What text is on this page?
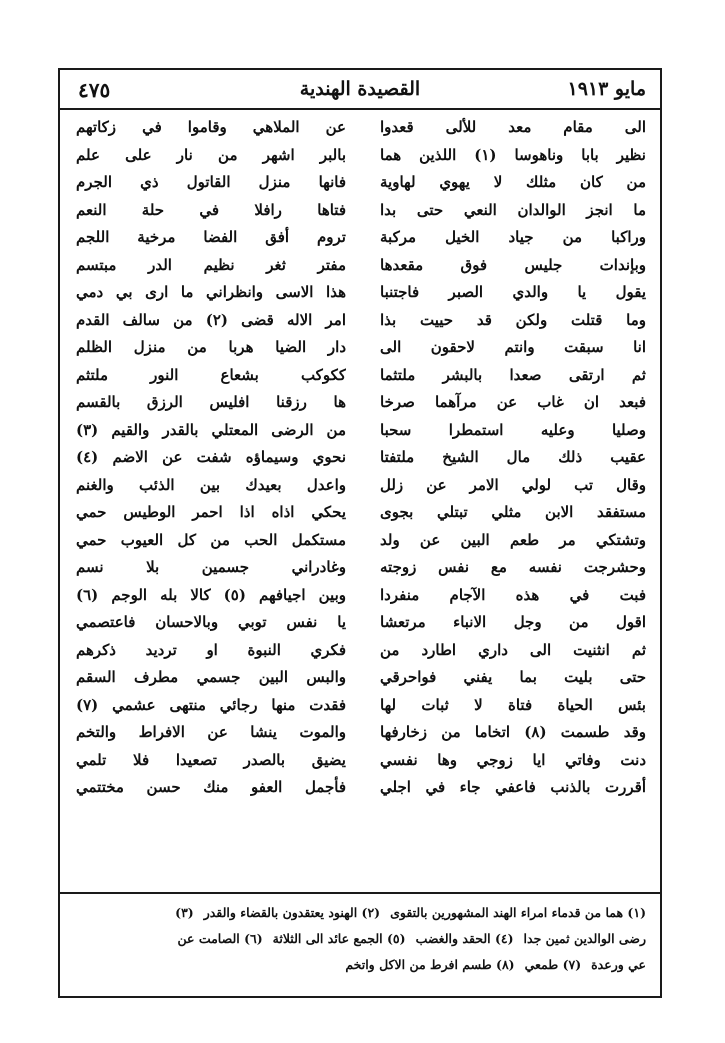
مايو ١٩١٣
القصيدة الهندية
٤٧٥
الى مقام معد للألى قعدوا
عن الملاهي وقاموا في زكاتهم
نظير بابا وناهوسا (١) اللذين هما
بالبر اشهر من نار على علم
من كان مثلك لا يهوي لهاوية
فانها منزل القاتول ذي الجرم
ما انجز الوالدان النعي حتى بدا
فتاها رافلا في حلة النعم
وراكبا من جياد الخيل مركبة
تروم أفق الفضا مرخية اللجم
وبإندات جليس فوق مقعدها
مفتر ثغر نظيم الدر مبتسم
يقول يا والدي الصبر فاجتنبا
هذا الاسى وانظراني ما ارى بي دمي
وما قتلت ولكن قد حييت بذا
امر الاله قضى (٢) من سالف القدم
انا سبقت وانتم لاحقون الى
دار الضيا هربا من منزل الظلم
ثم ارتقى صعدا بالبشر ملتثما
ككوكب بشعاع النور ملتثم
فبعد ان غاب عن مرآهما صرخا
ها رزقنا افليس الرزق بالقسم
وصليا وعليه استمطرا سحبا
من الرضى المعتلي بالقدر والقيم (٣)
عقيب ذلك مال الشيخ ملتفتا
نحوي وسيماؤه شفت عن الاضم (٤)
وقال تب لولي الامر عن زلل
واعدل بعيدك بين الذئب والغنم
مستفقد الابن مثلي تبتلي بجوى
يحكي اذاه اذا احمر الوطيس حمي
وتشتكي مر طعم البين عن ولد
مستكمل الحب من كل العيوب حمي
وحشرجت نفسه مع نفس زوجته
وغادراني جسمين بلا نسم
فبت في هذه الآجام منفردا
وبين اجيافهم (٥) كالا بله الوجم (٦)
اقول من وجل الانباء مرتعشا
يا نفس توبي وبالاحسان فاعتصمي
ثم انثنيت الى داري اطارد من
فكري النبوة او ترديد ذكرهم
حتى بليت بما يفني فواحرقي
والبس البين جسمي مطرف السقم
بئس الحياة فتاة لا ثبات لها
فقدت منها رجائي منتهى عشمي (٧)
وقد طسمت (٨) اتخاما من زخارفها
والموت ينشا عن الافراط والتخم
دنت وفاتي ايا زوجي وها نفسي
يضيق بالصدر تصعيدا فلا تلمي
أقررت بالذنب فاعفي جاء في اجلي
فأجمل العفو منك حسن مختتمي
(١) هما من قدماء امراء الهند المشهورين بالتقوى(٢) الهنود يعتقدون بالقضاء والقدر(٣)
رضى الوالدين ثمين جدا(٤) الحقد والغضب(٥) الجمع عائد الى الثلاثة(٦) الصامت عن
عي ورعدة(٧) طمعي(٨) طسم افرط من الاكل واتخم
